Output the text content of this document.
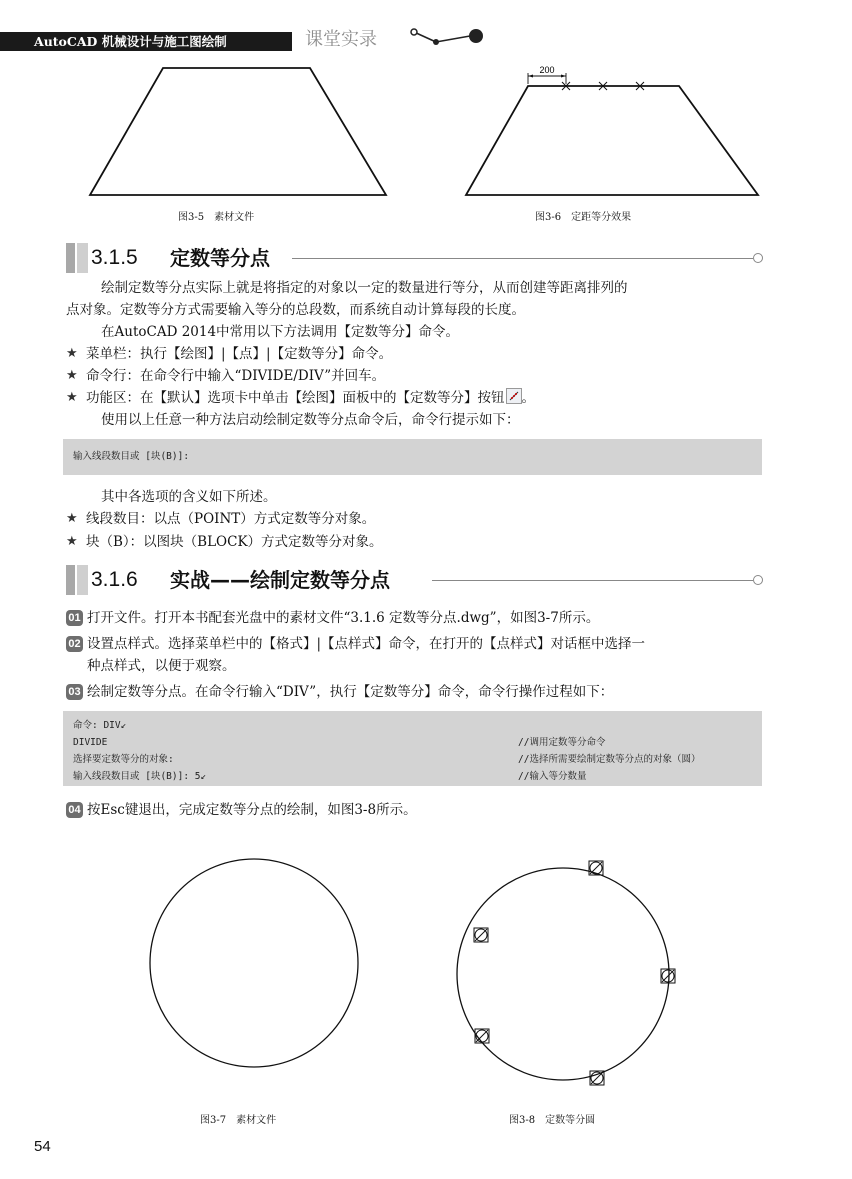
AutoCAD 机械设计与施工图绘制	课堂实录
图3-5　素材文件
200
图3-6　定距等分效果
3.1.5 定数等分点
绘制定数等分点实际上就是将指定的对象以一定的数量进行等分，从而创建等距离排列的
点对象。定数等分方式需要输入等分的总段数，而系统自动计算每段的长度。
在AutoCAD 2014中常用以下方法调用【定数等分】命令。
★ 菜单栏：执行【绘图】|【点】|【定数等分】命令。
★ 命令行：在命令行中输入“DIVIDE/DIV”并回车。
★ 功能区：在【默认】选项卡中单击【绘图】面板中的【定数等分】按钮 。
使用以上任意一种方法启动绘制定数等分点命令后，命令行提示如下：
输入线段数目或 [块(B)]:
其中各选项的含义如下所述。
★ 线段数目：以点（POINT）方式定数等分对象。
★ 块（B）：以图块（BLOCK）方式定数等分对象。
3.1.6 实战——绘制定数等分点
01 打开文件。打开本书配套光盘中的素材文件“3.1.6 定数等分点.dwg”，如图3-7所示。
02 设置点样式。选择菜单栏中的【格式】|【点样式】命令，在打开的【点样式】对话框中选择一
种点样式，以便于观察。
03 绘制定数等分点。在命令行输入“DIV”，执行【定数等分】命令，命令行操作过程如下：
命令: DIV↙
DIVIDE	//调用定数等分命令
选择要定数等分的对象:	//选择所需要绘制定数等分点的对象（圆）
输入线段数目或 [块(B)]: 5↙	//输入等分数量
04 按Esc键退出，完成定数等分点的绘制，如图3-8所示。
图3-7　素材文件	图3-8　定数等分圆
54
